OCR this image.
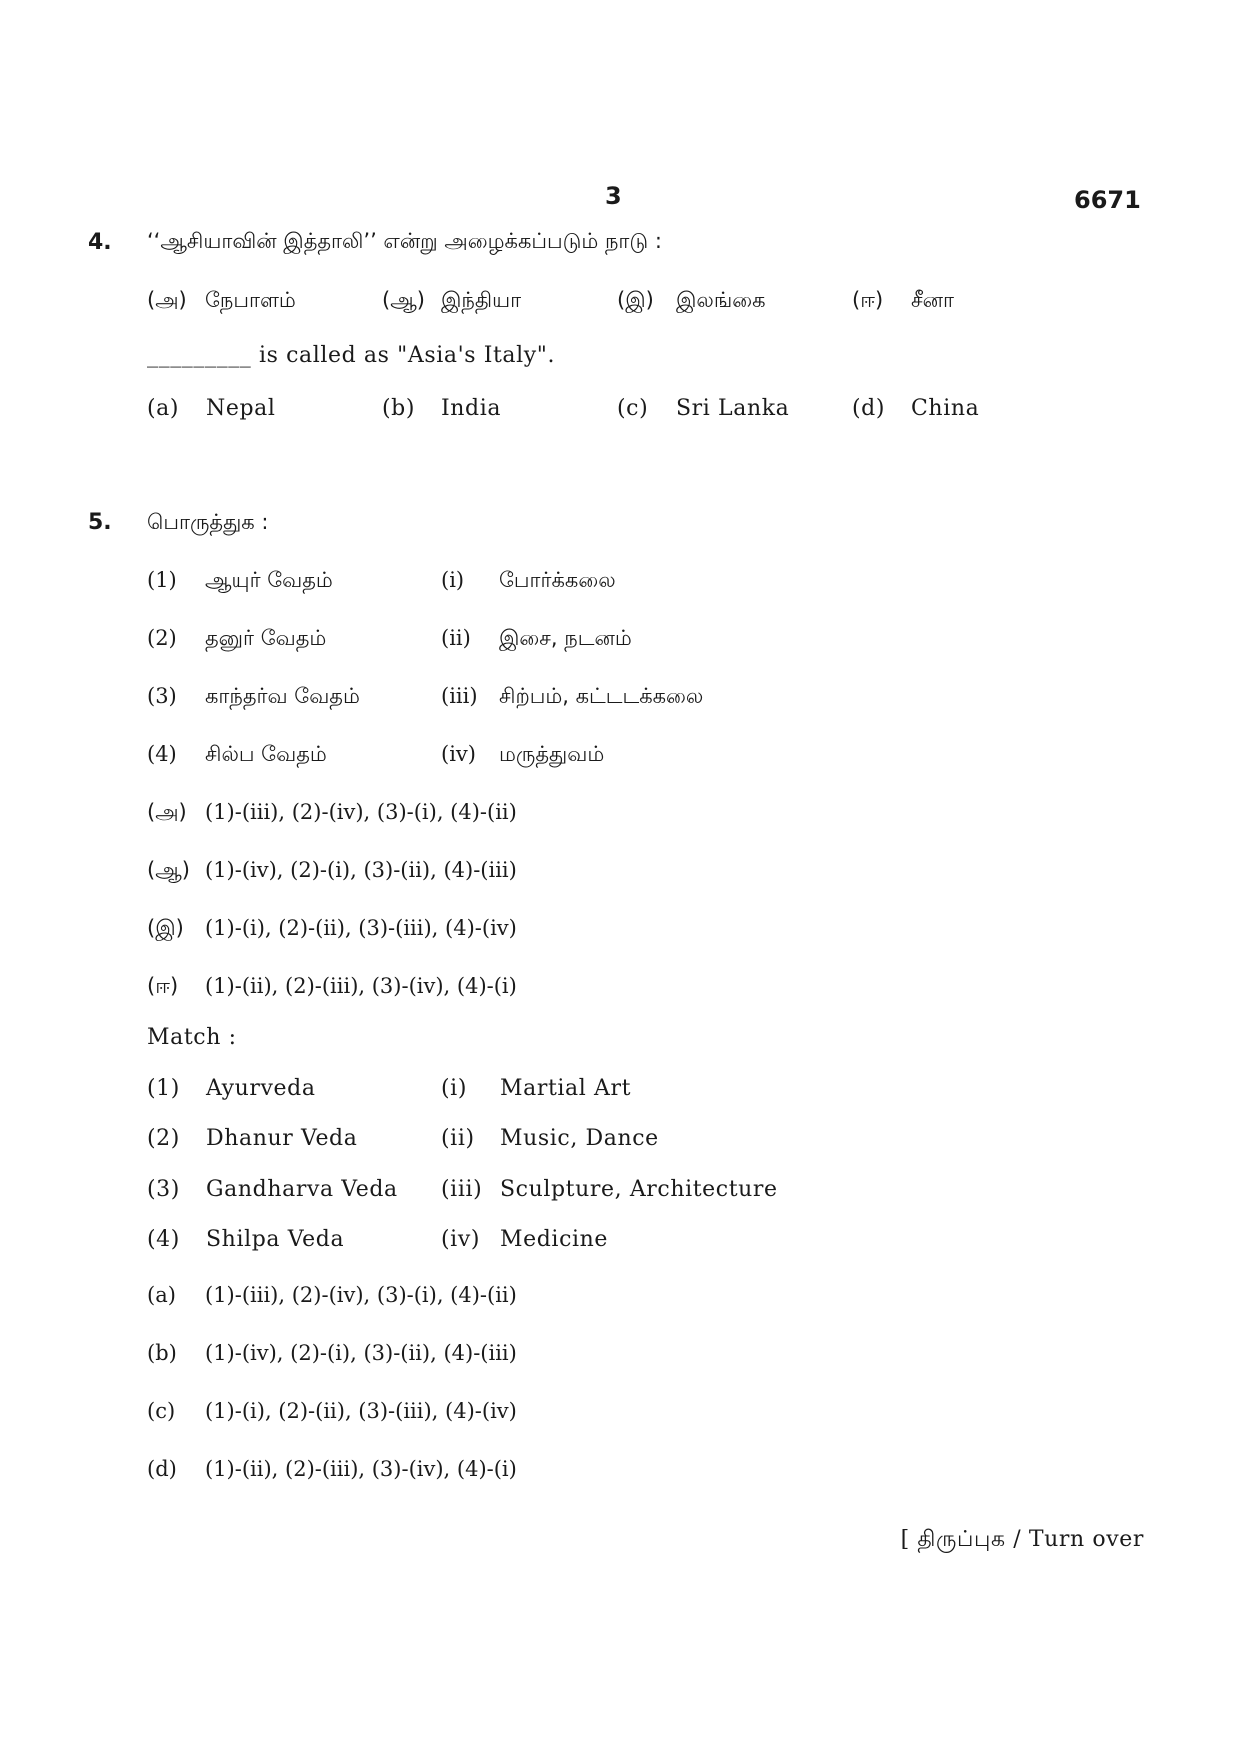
3	6671
4. ‘‘ஆசியாவின் இத்தாலி’’ என்று அழைக்கப்படும் நாடு :
(அ) நேபாளம்	(ஆ) இந்தியா	(இ) இலங்கை	(ஈ) சீனா
_________ is called as "Asia's Italy".
(a) Nepal	(b) India	(c) Sri Lanka	(d) China
5. பொருத்துக :
(1) ஆயுர் வேதம்	(i) போர்க்கலை
(2) தனுர் வேதம்	(ii) இசை, நடனம்
(3) காந்தர்வ வேதம்	(iii) சிற்பம், கட்டடக்கலை
(4) சில்ப வேதம்	(iv) மருத்துவம்
(அ) (1)-(iii), (2)-(iv), (3)-(i), (4)-(ii)
(ஆ) (1)-(iv), (2)-(i), (3)-(ii), (4)-(iii)
(இ) (1)-(i), (2)-(ii), (3)-(iii), (4)-(iv)
(ஈ) (1)-(ii), (2)-(iii), (3)-(iv), (4)-(i)
Match :
(1) Ayurveda	(i) Martial Art
(2) Dhanur Veda	(ii) Music, Dance
(3) Gandharva Veda (iii) Sculpture, Architecture
(4) Shilpa Veda	(iv) Medicine
(a) (1)-(iii), (2)-(iv), (3)-(i), (4)-(ii)
(b) (1)-(iv), (2)-(i), (3)-(ii), (4)-(iii)
(c) (1)-(i), (2)-(ii), (3)-(iii), (4)-(iv)
(d) (1)-(ii), (2)-(iii), (3)-(iv), (4)-(i)
[ திருப்புக / Turn over
